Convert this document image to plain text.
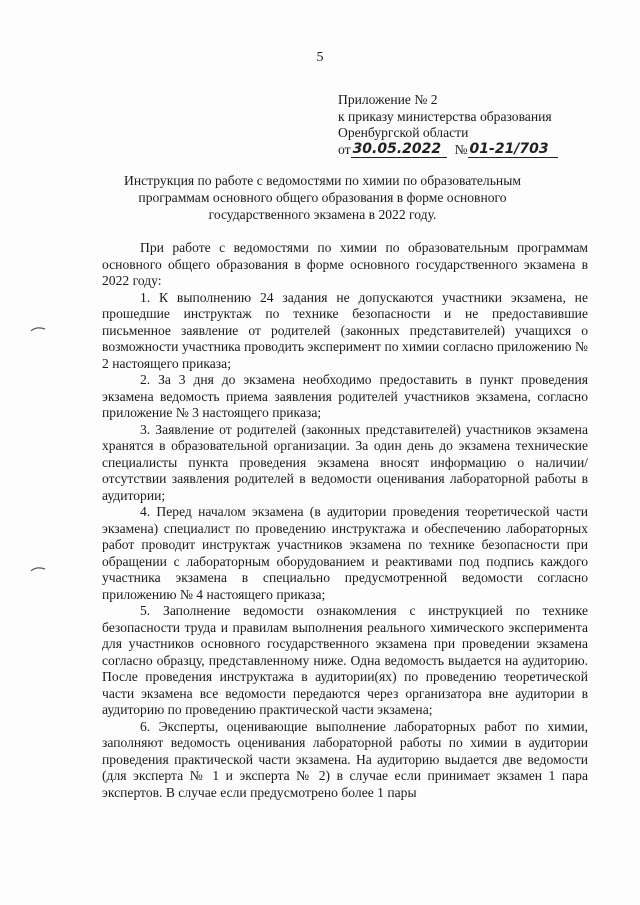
5
Приложение № 2
к приказу министерства образования
Оренбургской области
от 30.05.2022 № 01-21/703
Инструкция по работе с ведомостями по химии по образовательным программам основного общего образования в форме основного государственного экзамена в 2022 году.

При работе с ведомостями по химии по образовательным программам основного общего образования в форме основного государственного экзамена в 2022 году:

1. К выполнению 24 задания не допускаются участники экзамена, не прошедшие инструктаж по технике безопасности и не предоставившие письменное заявление от родителей (законных представителей) учащихся о возможности участника проводить эксперимент по химии согласно приложению № 2 настоящего приказа;

2. За 3 дня до экзамена необходимо предоставить в пункт проведения экзамена ведомость приема заявления родителей участников экзамена, согласно приложение № 3 настоящего приказа;

3. Заявление от родителей (законных представителей) участников экзамена хранятся в образовательной организации. За один день до экзамена технические специалисты пункта проведения экзамена вносят информацию о наличии/отсутствии заявления родителей в ведомости оценивания лабораторной работы в аудитории;

4. Перед началом экзамена (в аудитории проведения теоретической части экзамена) специалист по проведению инструктажа и обеспечению лабораторных работ проводит инструктаж участников экзамена по технике безопасности при обращении с лабораторным оборудованием и реактивами под подпись каждого участника экзамена в специально предусмотренной ведомости согласно приложению № 4 настоящего приказа;

5. Заполнение ведомости ознакомления с инструкцией по технике безопасности труда и правилам выполнения реального химического эксперимента для участников основного государственного экзамена при проведении экзамена согласно образцу, представленному ниже. Одна ведомость выдается на аудиторию. После проведения инструктажа в аудитории(ях) по проведению теоретической части экзамена все ведомости передаются через организатора вне аудитории в аудиторию по проведению практической части экзамена;

6. Эксперты, оценивающие выполнение лабораторных работ по химии, заполняют ведомость оценивания лабораторной работы по химии в аудитории проведения практической части экзамена. На аудиторию выдается две ведомости (для эксперта № 1 и эксперта № 2) в случае если принимает экзамен 1 пара экспертов. В случае если предусмотрено более 1 пары
